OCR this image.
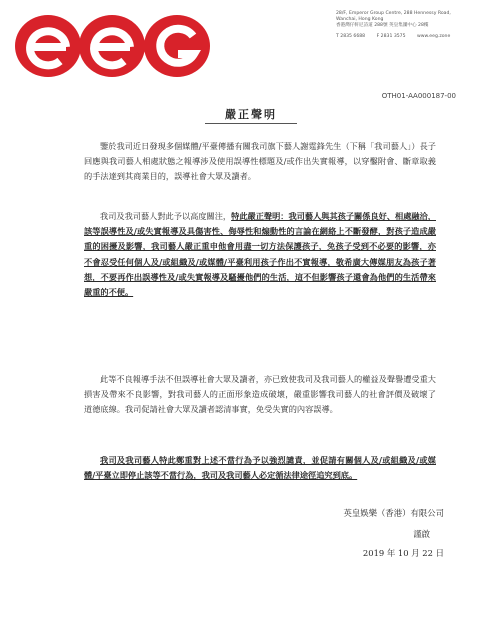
28/F, Emperor Group Centre, 288 Hennessy Road,
Wanchai, Hong Kong
香港灣仔軒尼詩道 288號 英皇集團中心 28樓
T 2835 6688 F 2831 3575 www.eeg.zone
OTH01-AA000187-00
嚴正聲明
鑒於我司近日發現多個媒體/平臺傳播有關我司旗下藝人謝霆鋒先生（下稱「我司藝人」）長子回應與我司藝人相處狀態之報導涉及使用誤導性標題及/或作出失實報導，以穿鑿附會、斷章取義的手法達到其商業目的，誤導社會大眾及讀者。
我司及我司藝人對此予以高度關注，特此嚴正聲明：我司藝人與其孩子關係良好、相處融洽，該等誤導性及/或失實報導及具傷害性、侮辱性和煽動性的言論在網絡上不斷發酵，對孩子造成嚴重的困擾及影響，我司藝人嚴正重申他會用盡一切方法保護孩子，免孩子受到不必要的影響，亦不會忍受任何個人及/或組織及/或媒體/平臺利用孩子作出不實報導，敬希廣大傳媒朋友為孩子著想，不要再作出誤導性及/或失實報導及騷擾他們的生活，這不但影響孩子還會為他們的生活帶來嚴重的不便。
此等不良報導手法不但誤導社會大眾及讀者，亦已致使我司及我司藝人的權益及聲譽遭受重大損害及帶來不良影響，對我司藝人的正面形象造成破壞，嚴重影響我司藝人的社會評價及破壞了道德底線。我司促請社會大眾及讀者認清事實，免受失實的內容誤導。
我司及我司藝人特此鄭重對上述不當行為予以強烈譴責，並促請有關個人及/或組織及/或媒體/平臺立即停止該等不當行為，我司及我司藝人必定循法律途徑追究到底。
英皇娛樂（香港）有限公司
謹啟
2019 年 10 月 22 日
